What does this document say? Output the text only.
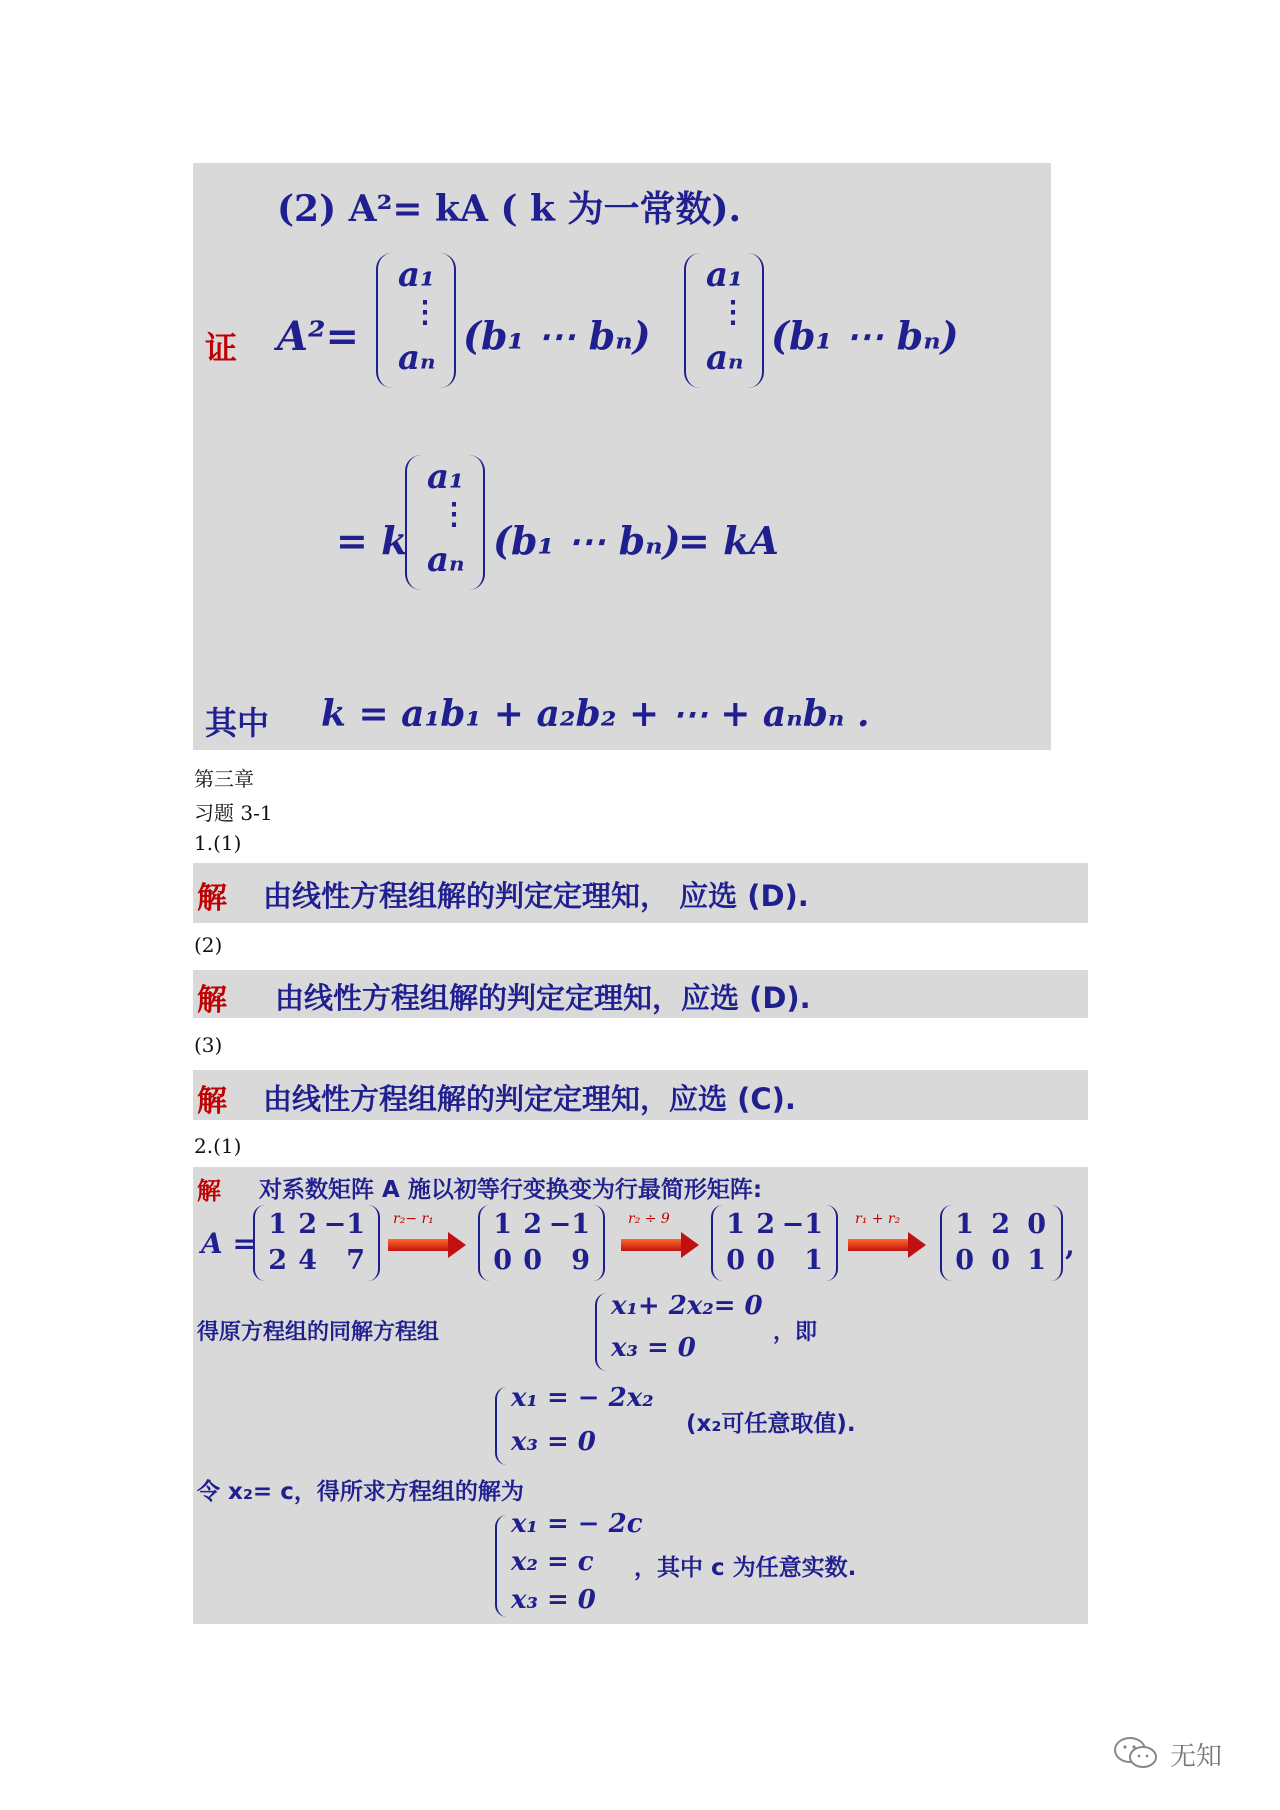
(2) A²= kA ( k 为一常数).
证 A²=
a₁
⋮
aₙ (b₁ ⋯ bₙ)
a₁
⋮
aₙ (b₁ ⋯ bₙ)
= k
a₁
⋮
aₙ (b₁ ⋯ bₙ)
= kA
其中 k = a₁b₁ + a₂b₂ + ⋯ + aₙbₙ .
第三章
习题 3-1
1.(1)
解 由线性方程组解的判定定理知， 应选 (D).
(2)
解 由线性方程组解的判定定理知，应选 (D).
(3)
解 由线性方程组解的判定定理知，应选 (C).
2.(1)
解 对系数矩阵 A 施以初等行变换变为行最简形矩阵:
A =
1 2 −1
2 4 7
r₂− r₁ 1 2 −1
0 0 9
r₂ ÷ 9 1 2 −1
0 0 1
r₁ + r₂ 1 2 0
0 0 1 ,
得原方程组的同解方程组
x₁+ 2x₂= 0
x₃ = 0
，即
x₁ = − 2x₂
x₃ = 0
(x₂可任意取值).
令 x₂= c，得所求方程组的解为
x₁ = − 2c
x₂ = c
x₃ = 0
，其中 c 为任意实数.
无知
